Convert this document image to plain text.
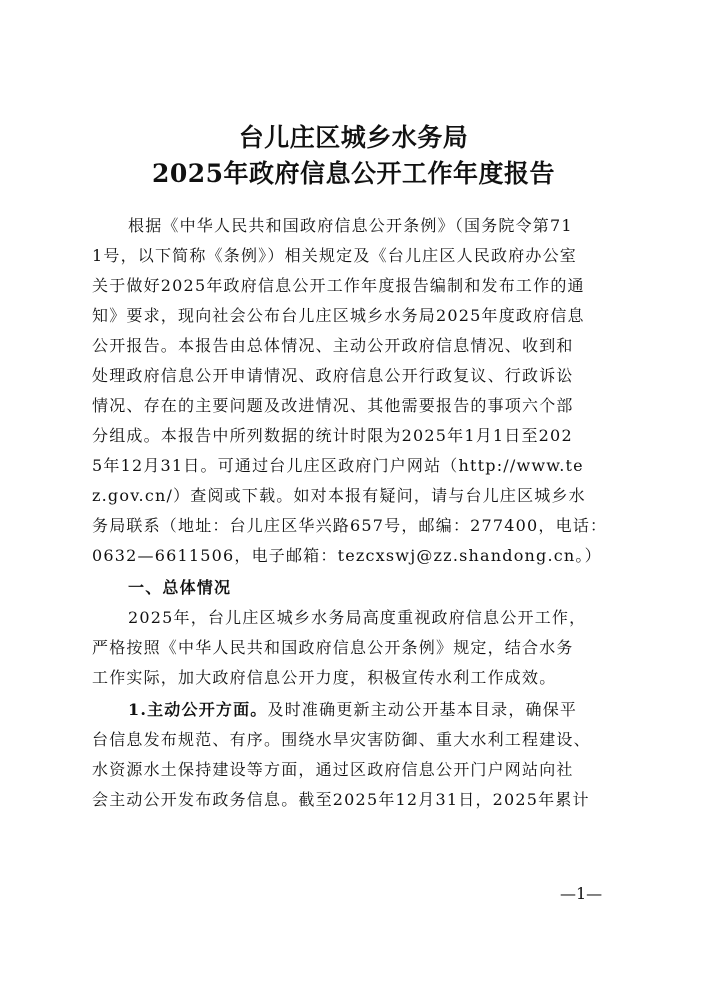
台儿庄区城乡水务局
2025年政府信息公开工作年度报告
根据《中华人民共和国政府信息公开条例》（国务院令第71
1号，以下简称《条例》）相关规定及《台儿庄区人民政府办公室
关于做好2025年政府信息公开工作年度报告编制和发布工作的通
知》要求，现向社会公布台儿庄区城乡水务局2025年度政府信息
公开报告。本报告由总体情况、主动公开政府信息情况、收到和
处理政府信息公开申请情况、政府信息公开行政复议、行政诉讼
情况、存在的主要问题及改进情况、其他需要报告的事项六个部
分组成。本报告中所列数据的统计时限为2025年1月1日至202
5年12月31日。可通过台儿庄区政府门户网站（http://www.te
z.gov.cn/）查阅或下载。如对本报有疑问，请与台儿庄区城乡水
务局联系（地址：台儿庄区华兴路657号，邮编：277400，电话：
0632—6611506，电子邮箱：tezcxswj@zz.shandong.cn。）
一、总体情况
2025年，台儿庄区城乡水务局高度重视政府信息公开工作，
严格按照《中华人民共和国政府信息公开条例》规定，结合水务
工作实际，加大政府信息公开力度，积极宣传水利工作成效。
1.主动公开方面。及时准确更新主动公开基本目录，确保平
台信息发布规范、有序。围绕水旱灾害防御、重大水利工程建设、
水资源水土保持建设等方面，通过区政府信息公开门户网站向社
会主动公开发布政务信息。截至2025年12月31日，2025年累计
—1—
